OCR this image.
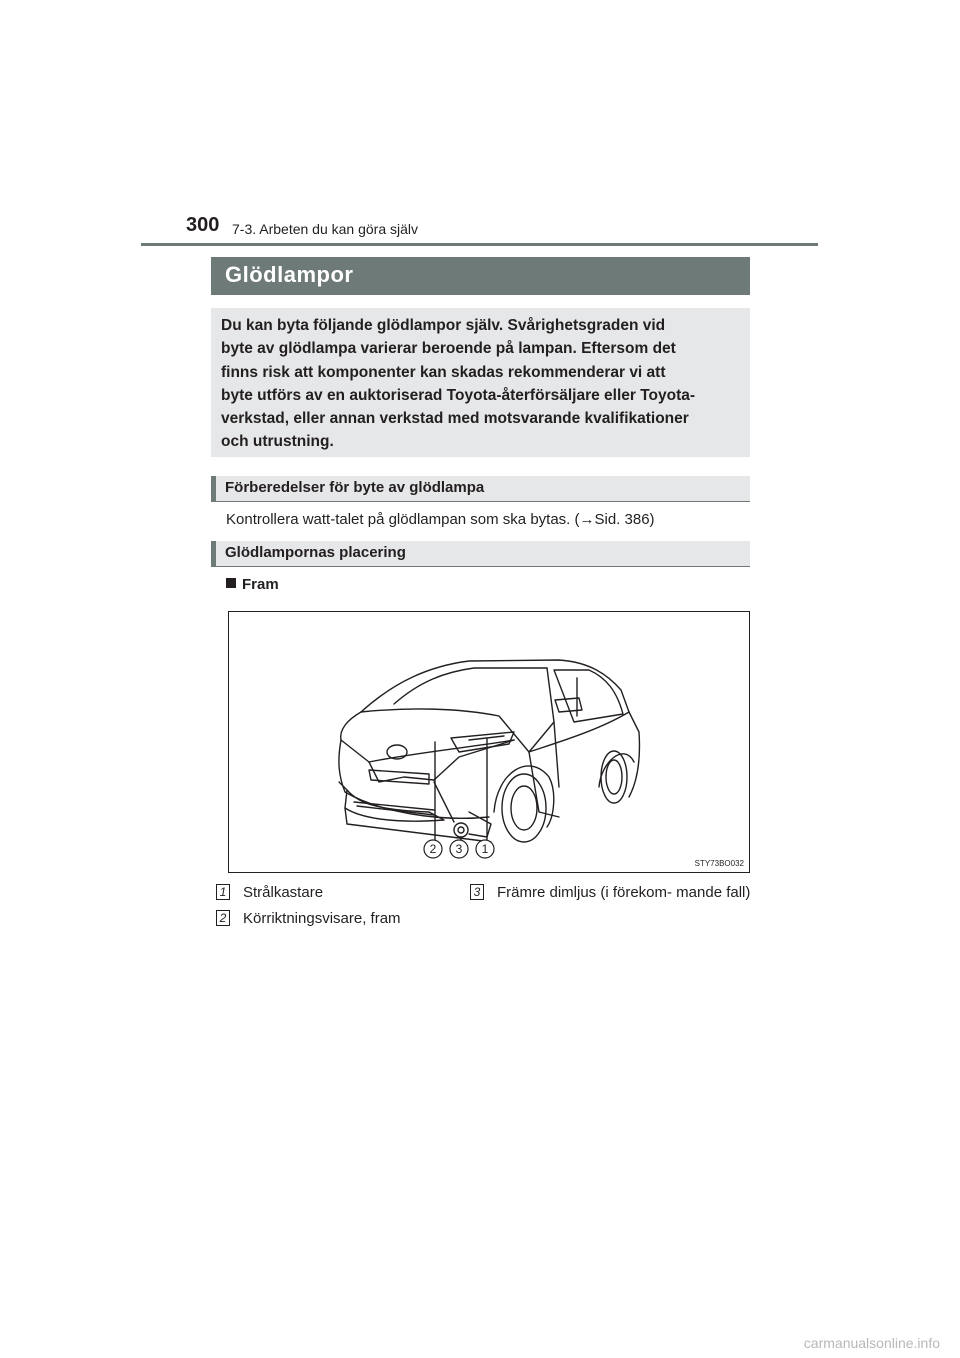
300 7-3. Arbeten du kan göra själv
Glödlampor

Du kan byta följande glödlampor själv. Svårighetsgraden vid

byte av glödlampa varierar beroende på lampan. Eftersom det

finns risk att komponenter kan skadas rekommenderar vi att

byte utförs av en auktoriserad Toyota-återförsäljare eller Toyota-

verkstad, eller annan verkstad med motsvarande kvalifikationer

och utrustning.

Förberedelser för byte av glödlampa
Kontrollera watt-talet på glödlampan som ska bytas. (→Sid. 386)
Glödlampornas placering
Fram
2 3 1
STY73BO032
1 Strålkastare
2 Körriktningsvisare, fram
3 Främre dimljus (i förekom- mande fall)
carmanualsonline.info
